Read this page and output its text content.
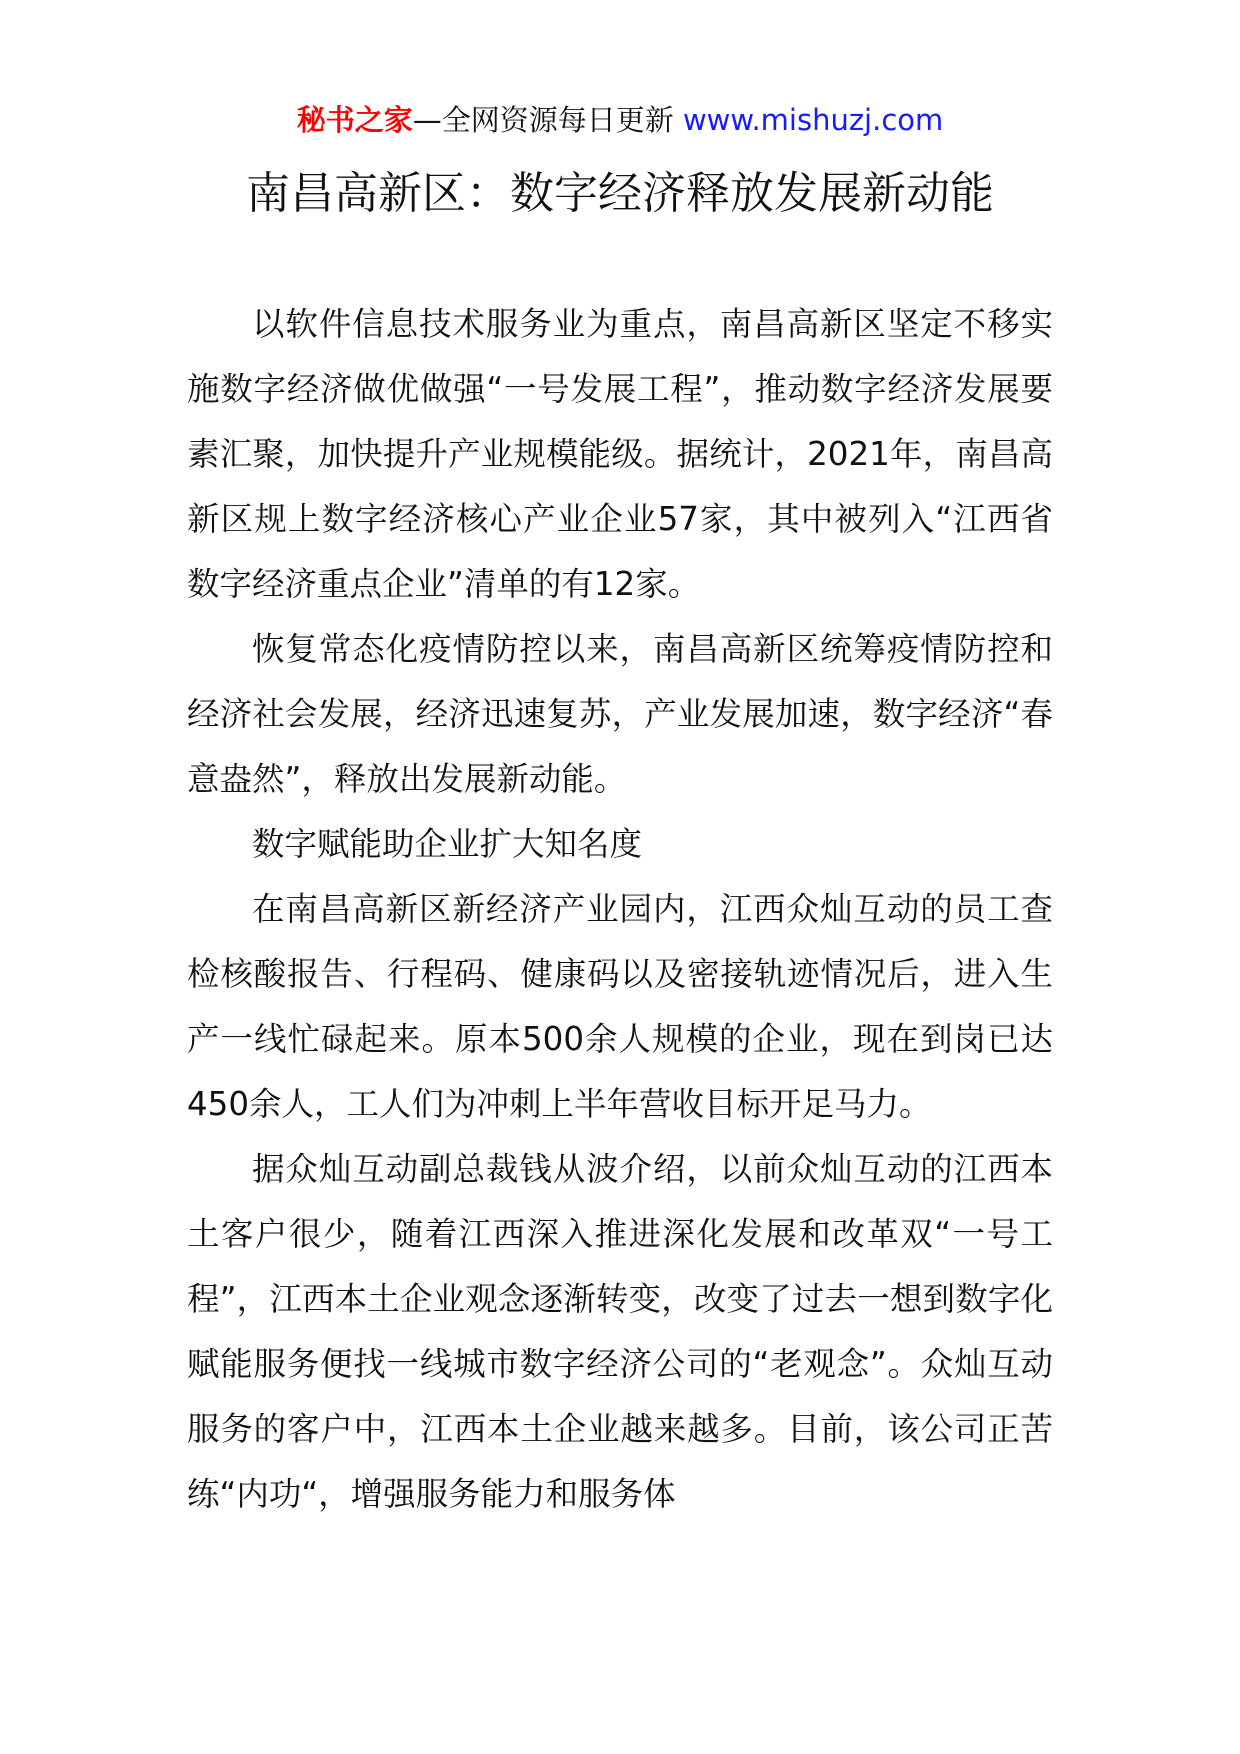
秘书之家—全网资源每日更新 www.mishuzj.com
南昌高新区：数字经济释放发展新动能

以软件信息技术服务业为重点，南昌高新区坚定不移实施数字经济做优做强“一号发展工程”，推动数字经济发展要素汇聚，加快提升产业规模能级。据统计，2021年，南昌高新区规上数字经济核心产业企业57家，其中被列入“江西省数字经济重点企业”清单的有12家。

恢复常态化疫情防控以来，南昌高新区统筹疫情防控和经济社会发展，经济迅速复苏，产业发展加速，数字经济“春意盎然”，释放出发展新动能。

数字赋能助企业扩大知名度

在南昌高新区新经济产业园内，江西众灿互动的员工查检核酸报告、行程码、健康码以及密接轨迹情况后，进入生产一线忙碌起来。原本500余人规模的企业，现在到岗已达450余人，工人们为冲刺上半年营收目标开足马力。

据众灿互动副总裁钱从波介绍，以前众灿互动的江西本土客户很少，随着江西深入推进深化发展和改革双“一号工程”，江西本土企业观念逐渐转变，改变了过去一想到数字化赋能服务便找一线城市数字经济公司的“老观念”。众灿互动服务的客户中，江西本土企业越来越多。目前，该公司正苦练“内功“，增强服务能力和服务体
